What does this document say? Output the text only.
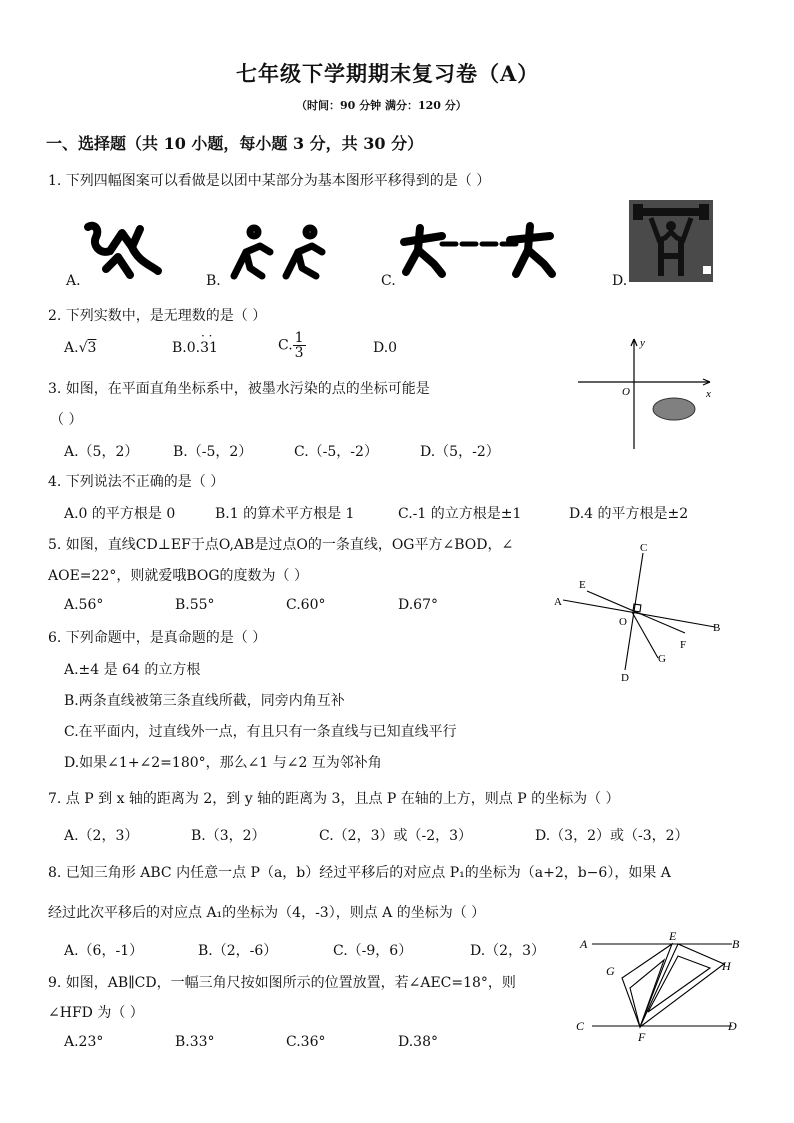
七年级下学期期末复习卷（A）
（时间：90 分钟 满分：120 分）
一、选择题（共 10 小题，每小题 3 分，共 30 分）
1. 下列四幅图案可以看做是以团中某部分为基本图形平移得到的是（ ）
A.	B.	C.	D.
2. 下列实数中，是无理数的是（ ）
A.√3	B.0.31
· ·
C. $\frac{1}{3}$	D.0	y
x
O
3. 如图，在平面直角坐标系中，被墨水污染的点的坐标可能是
（ ）
A.（5，2） B.（-5，2）	C.（-5，-2）	D.（5，-2）
4. 下列说法不正确的是（ ）
A.0 的平方根是 0	B.1 的算术平方根是 1	C.-1 的立方根是±1	D.4 的平方根是±2
5. 如图，直线CD⊥EF于点O,AB是过点O的一条直线，OG平方∠BOD，∠
AOE=22°，则就爱哦BOG的度数为（ ）
A.56°	B.55°	C.60°	D.67°
C
E
A
O	B
F
G
D
6. 下列命题中，是真命题的是（ ）
A.±4 是 64 的立方根
B.两条直线被第三条直线所截，同旁内角互补
C.在平面内，过直线外一点，有且只有一条直线与已知直线平行
D.如果∠1+∠2=180°，那么∠1 与∠2 互为邻补角
7. 点 P 到 x 轴的距离为 2，到 y 轴的距离为 3，且点 P 在轴的上方，则点 P 的坐标为（ ）
A.（2，3）	B.（3，2）	C.（2，3）或（-2，3）	D.（3，2）或（-3，2）
8. 已知三角形 ABC 内任意一点 P（a，b）经过平移后的对应点 P₁的坐标为（a+2，b−6），如果 A
经过此次平移后的对应点 A₁的坐标为（4，-3），则点 A 的坐标为（ ）
A.（6，-1）	B.（2，-6）	C.（-9，6）	D.（2，3）
9. 如图，AB∥CD，一幅三角尺按如图所示的位置放置，若∠AEC=18°，则
∠HFD 为（ ）
A.23°	B.33°	C.36°	D.38°
A
E
B
G	H
C
F
D
